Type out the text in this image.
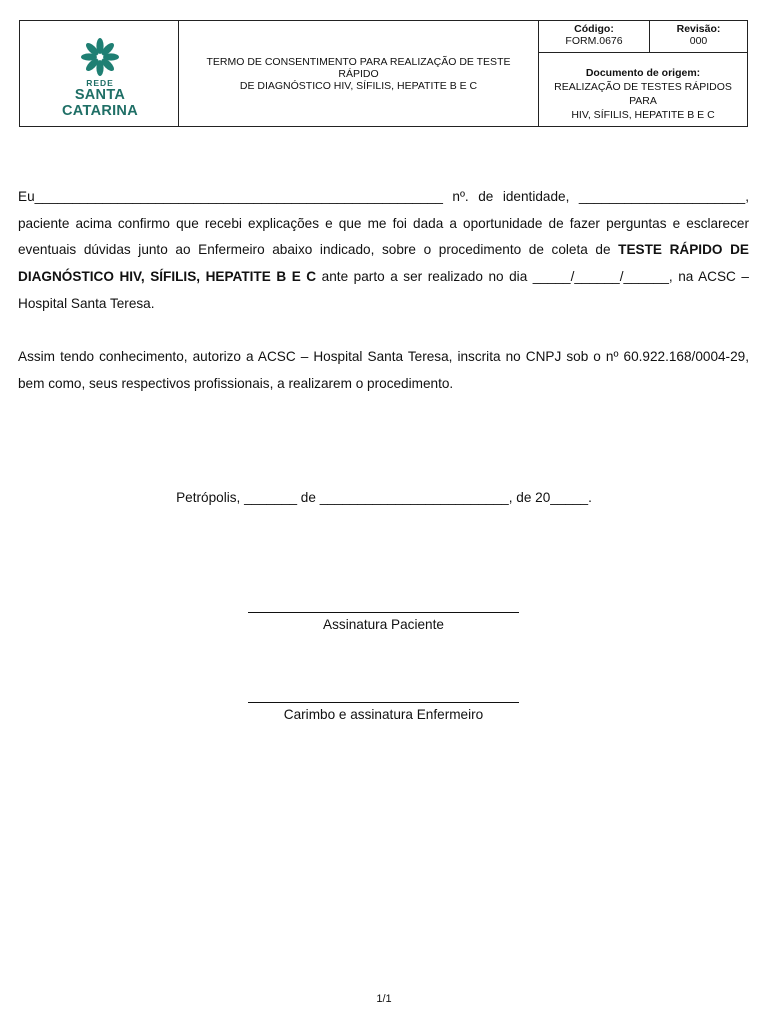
REDE
SANTA CATARINA
TERMO DE CONSENTIMENTO PARA REALIZAÇÃO DE TESTE RÁPIDO
DE DIAGNÓSTICO HIV, SÍFILIS, HEPATITE B E C
Código:
FORM.0676
Revisão:
000
Documento de origem:
REALIZAÇÃO DE TESTES RÁPIDOS PARA
HIV, SÍFILIS, HEPATITE B E C
Eu______________________________________________________ nº. de identidade, ______________________, paciente acima confirmo que recebi explicações e que me foi dada a oportunidade de fazer perguntas e esclarecer eventuais dúvidas junto ao Enfermeiro abaixo indicado, sobre o procedimento de coleta de TESTE RÁPIDO DE DIAGNÓSTICO HIV, SÍFILIS, HEPATITE B E C ante parto a ser realizado no dia _____/______/______, na ACSC – Hospital Santa Teresa.
Assim tendo conhecimento, autorizo a ACSC – Hospital Santa Teresa, inscrita no CNPJ sob o nº 60.922.168/0004-29, bem como, seus respectivos profissionais, a realizarem o procedimento.
Petrópolis, _______ de _________________________, de 20_____.
Assinatura Paciente
Carimbo e assinatura Enfermeiro
1/1
